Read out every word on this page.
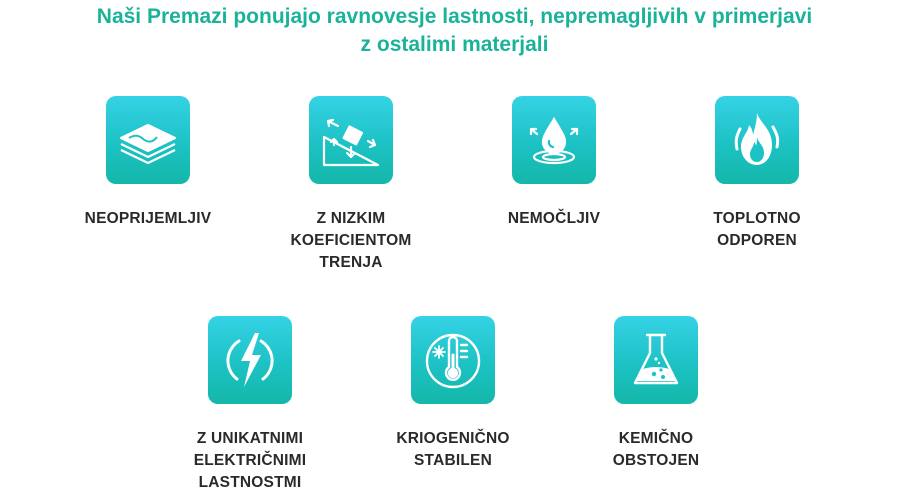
Naši Premazi ponujajo ravnovesje lastnosti, nepremagljivih v primerjavi
z ostalimi materjali
NEOPRIJEMLJIV	Z NIZKIM
KOEFICIENTOM
TRENJA
NEMOČLJIV	TOPLOTNO
ODPOREN
Z UNIKATNIMI
ELEKTRIČNIMI
LASTNOSTMI
KRIOGENIČNO
STABILEN
KEMIČNO
OBSTOJEN
